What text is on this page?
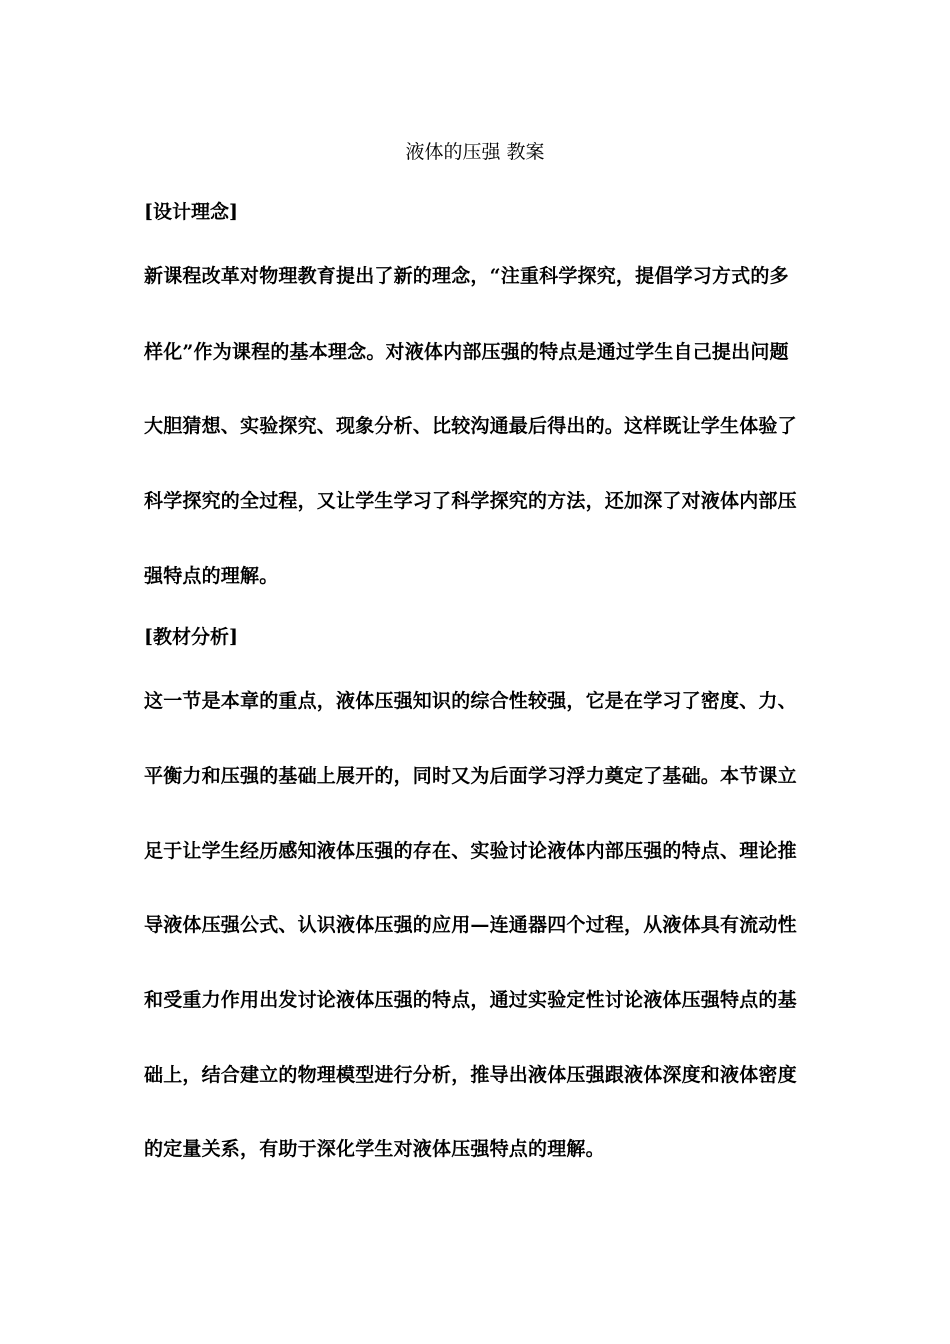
液体的压强 教案
[设计理念]

新课程改革对物理教育提出了新的理念，“注重科学探究，提倡学习方式的多

样化”作为课程的基本理念。对液体内部压强的特点是通过学生自己提出问题

大胆猜想、实验探究、现象分析、比较沟通最后得出的。这样既让学生体验了

科学探究的全过程，又让学生学习了科学探究的方法，还加深了对液体内部压

强特点的理解。

[教材分析]

这一节是本章的重点，液体压强知识的综合性较强，它是在学习了密度、力、

平衡力和压强的基础上展开的，同时又为后面学习浮力奠定了基础。本节课立

足于让学生经历感知液体压强的存在、实验讨论液体内部压强的特点、理论推

导液体压强公式、认识液体压强的应用—连通器四个过程，从液体具有流动性

和受重力作用出发讨论液体压强的特点，通过实验定性讨论液体压强特点的基

础上，结合建立的物理模型进行分析，推导出液体压强跟液体深度和液体密度

的定量关系，有助于深化学生对液体压强特点的理解。
